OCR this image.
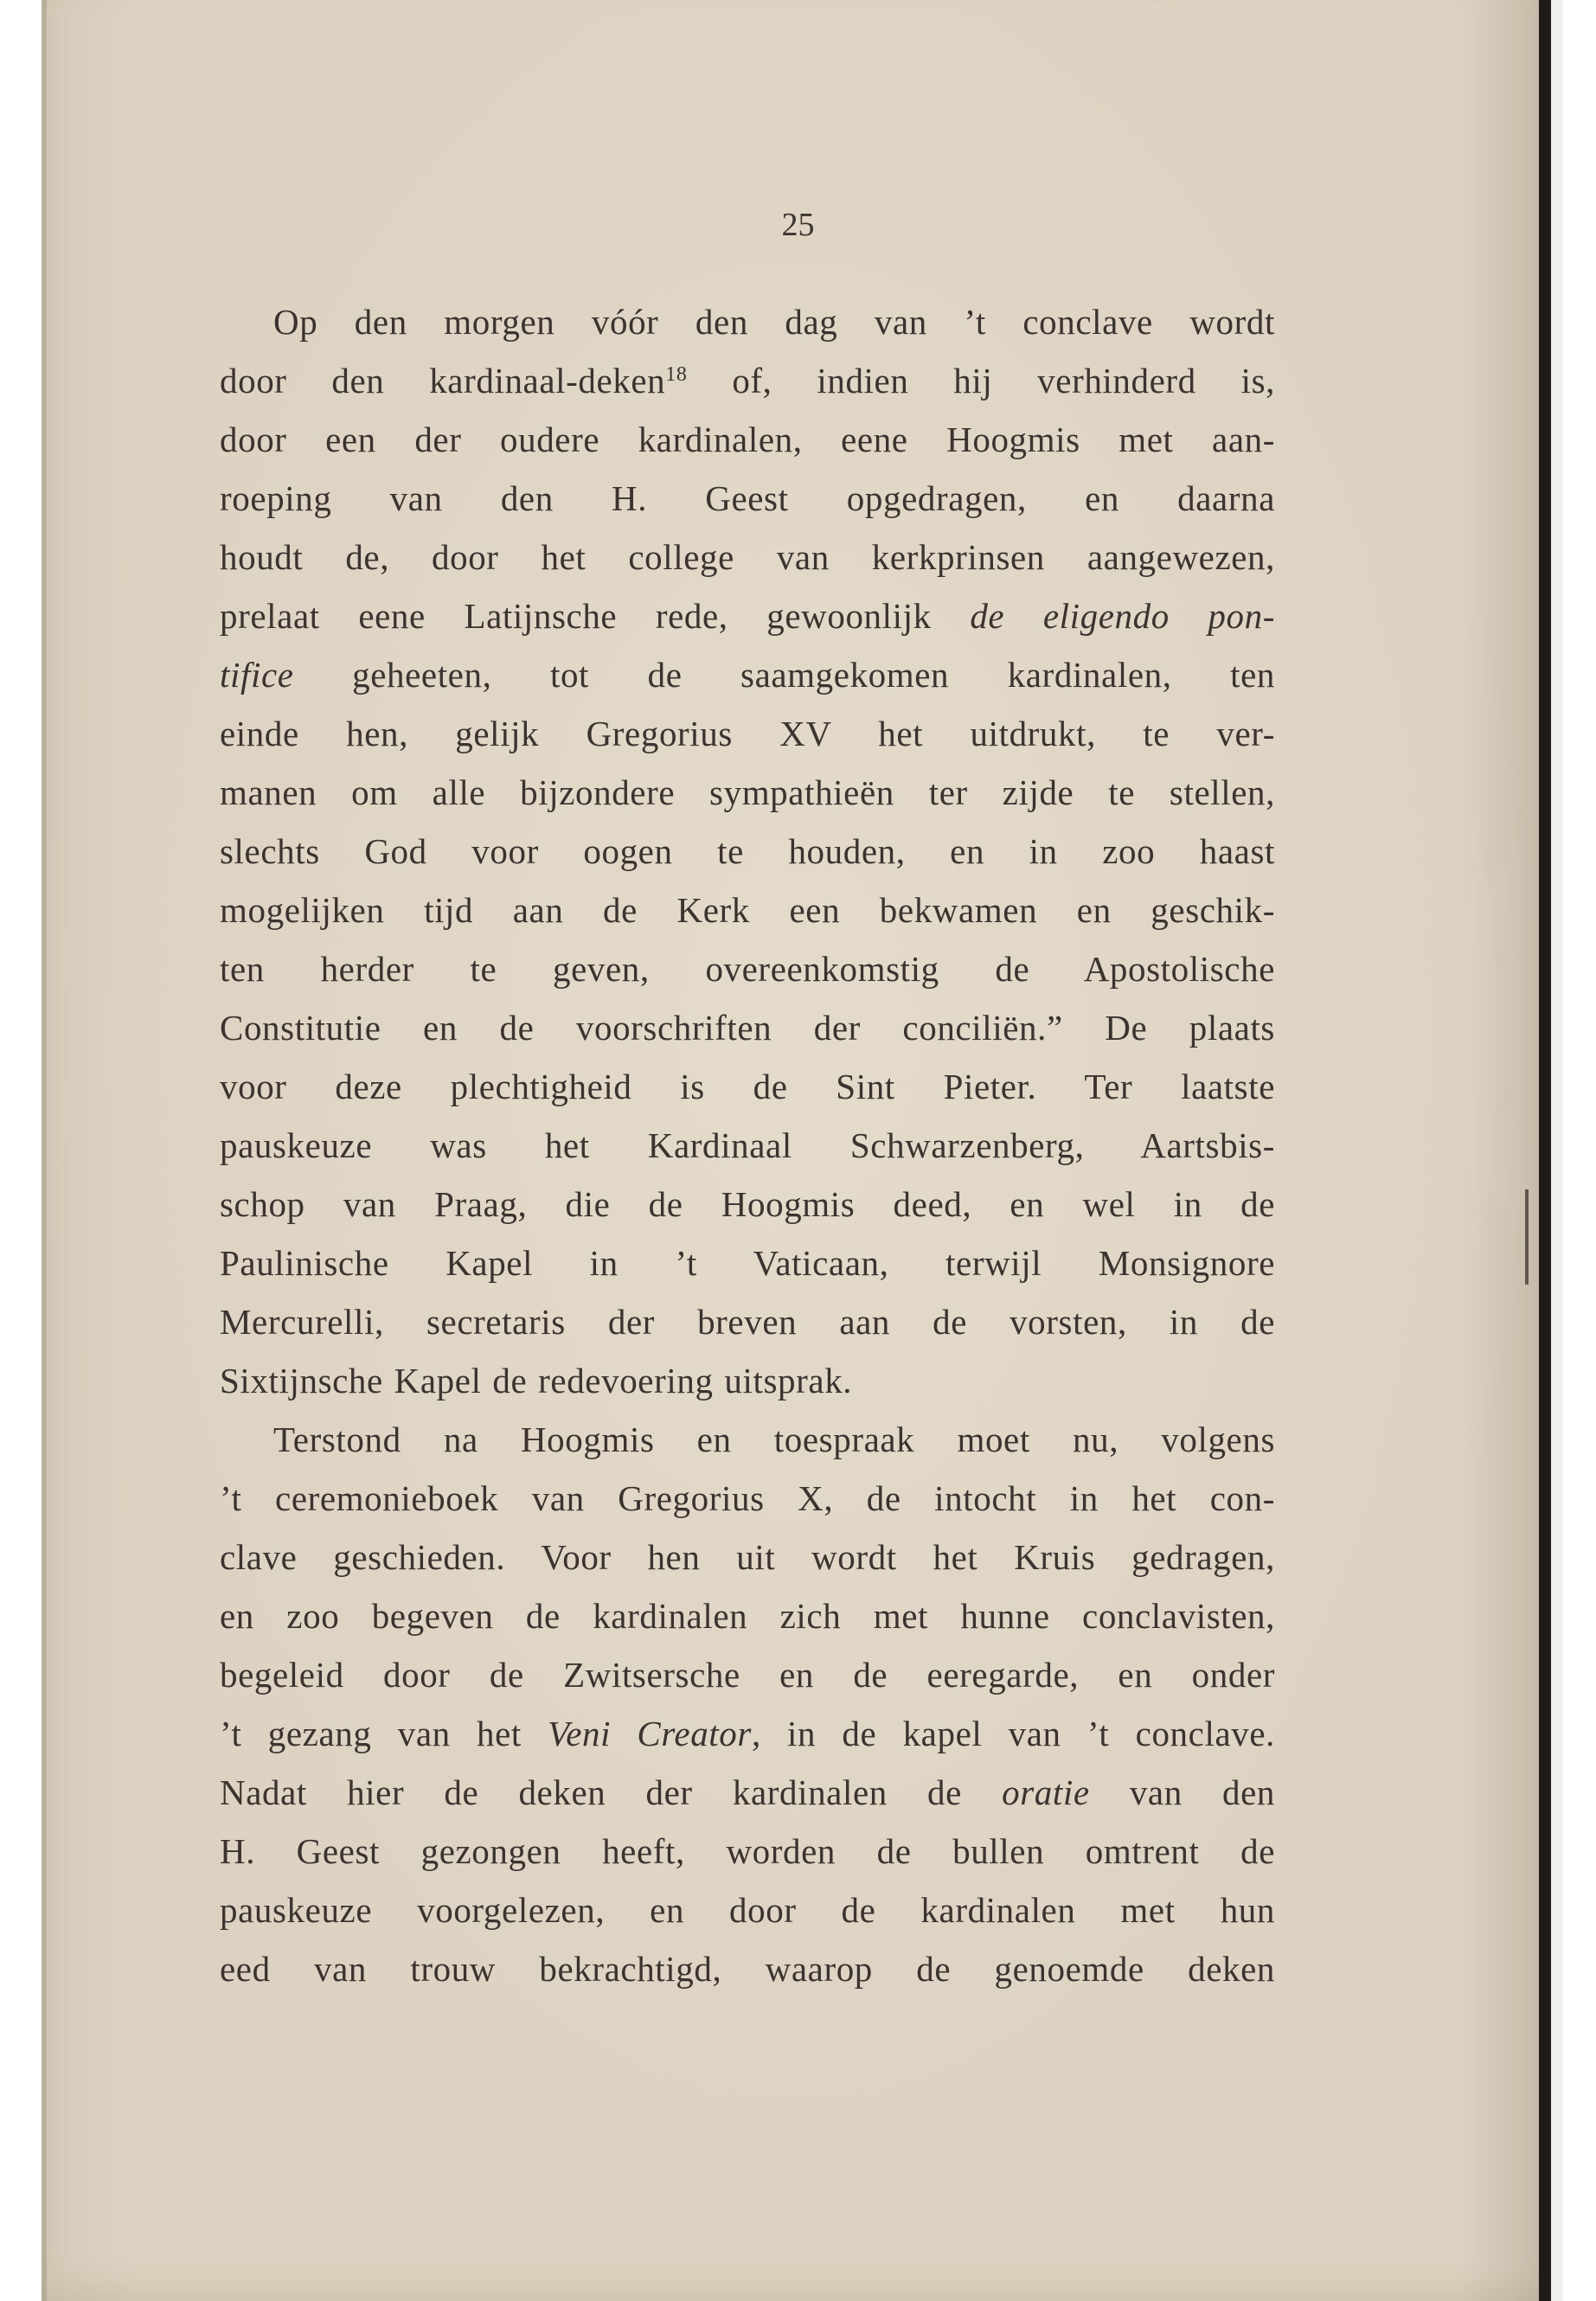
25
Op den morgen vóór den dag van ’t conclave wordt
door den kardinaal-deken$^{18}$ of, indien hij verhinderd is,
door een der oudere kardinalen, eene Hoogmis met aan-
roeping van den H. Geest opgedragen, en daarna
houdt de, door het college van kerkprinsen aangewezen,
prelaat eene Latijnsche rede, gewoonlijk de eligendo pon-
tifice geheeten, tot de saamgekomen kardinalen, ten
einde hen, gelijk Gregorius XV het uitdrukt, te ver-
manen om alle bijzondere sympathieën ter zijde te stellen,
slechts God voor oogen te houden, en in zoo haast
mogelijken tijd aan de Kerk een bekwamen en geschik-
ten herder te geven, overeenkomstig de Apostolische
Constitutie en de voorschriften der conciliën.” De plaats
voor deze plechtigheid is de Sint Pieter. Ter laatste
pauskeuze was het Kardinaal Schwarzenberg, Aartsbis-
schop van Praag, die de Hoogmis deed, en wel in de
Paulinische Kapel in ’t Vaticaan, terwijl Monsignore
Mercurelli, secretaris der breven aan de vorsten, in de
Sixtijnsche Kapel de redevoering uitsprak.
Terstond na Hoogmis en toespraak moet nu, volgens
’t ceremonieboek van Gregorius X, de intocht in het con-
clave geschieden. Voor hen uit wordt het Kruis gedragen,
en zoo begeven de kardinalen zich met hunne conclavisten,
begeleid door de Zwitsersche en de eeregarde, en onder
’t gezang van het Veni Creator, in de kapel van ’t conclave.
Nadat hier de deken der kardinalen de oratie van den
H. Geest gezongen heeft, worden de bullen omtrent de
pauskeuze voorgelezen, en door de kardinalen met hun
eed van trouw bekrachtigd, waarop de genoemde deken
